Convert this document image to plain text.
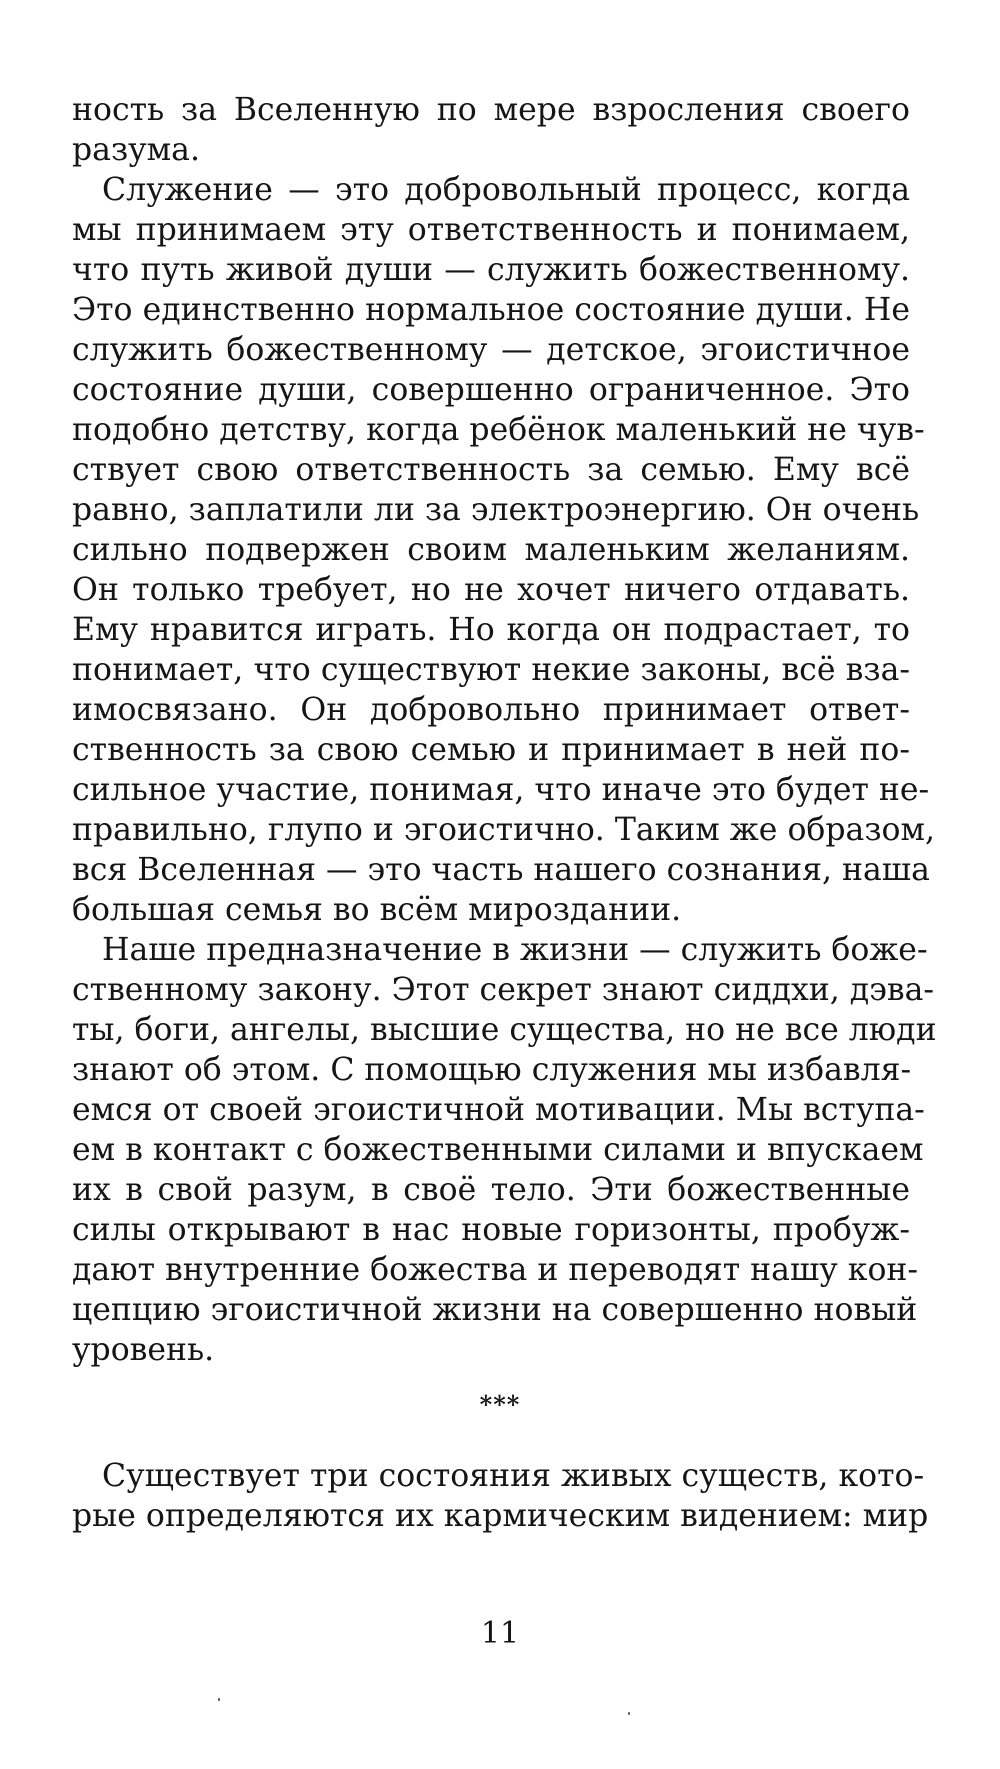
ность за Вселенную по мере взросления своего
разума.
Служение — это добровольный процесс, когда
мы принимаем эту ответственность и понимаем,
что путь живой души — служить божественному.
Это единственно нормальное состояние души. Не
служить божественному — детское, эгоистичное
состояние души, совершенно ограниченное. Это
подобно детству, когда ребёнок маленький не чув-
ствует свою ответственность за семью. Ему всё
равно, заплатили ли за электроэнергию. Он очень
сильно подвержен своим маленьким желаниям.
Он только требует, но не хочет ничего отдавать.
Ему нравится играть. Но когда он подрастает, то
понимает, что существуют некие законы, всё вза-
имосвязано. Он добровольно принимает ответ-
ственность за свою семью и принимает в ней по-
сильное участие, понимая, что иначе это будет не-
правильно, глупо и эгоистично. Таким же образом,
вся Вселенная — это часть нашего сознания, наша
большая семья во всём мироздании.
Наше предназначение в жизни — служить боже-
ственному закону. Этот секрет знают сиддхи, дэва-
ты, боги, ангелы, высшие существа, но не все люди
знают об этом. С помощью служения мы избавля-
емся от своей эгоистичной мотивации. Мы вступа-
ем в контакт с божественными силами и впускаем
их в свой разум, в своё тело. Эти божественные
силы открывают в нас новые горизонты, пробуж-
дают внутренние божества и переводят нашу кон-
цепцию эгоистичной жизни на совершенно новый
уровень.
***
Существует три состояния живых существ, кото-
рые определяются их кармическим видением: мир
11
